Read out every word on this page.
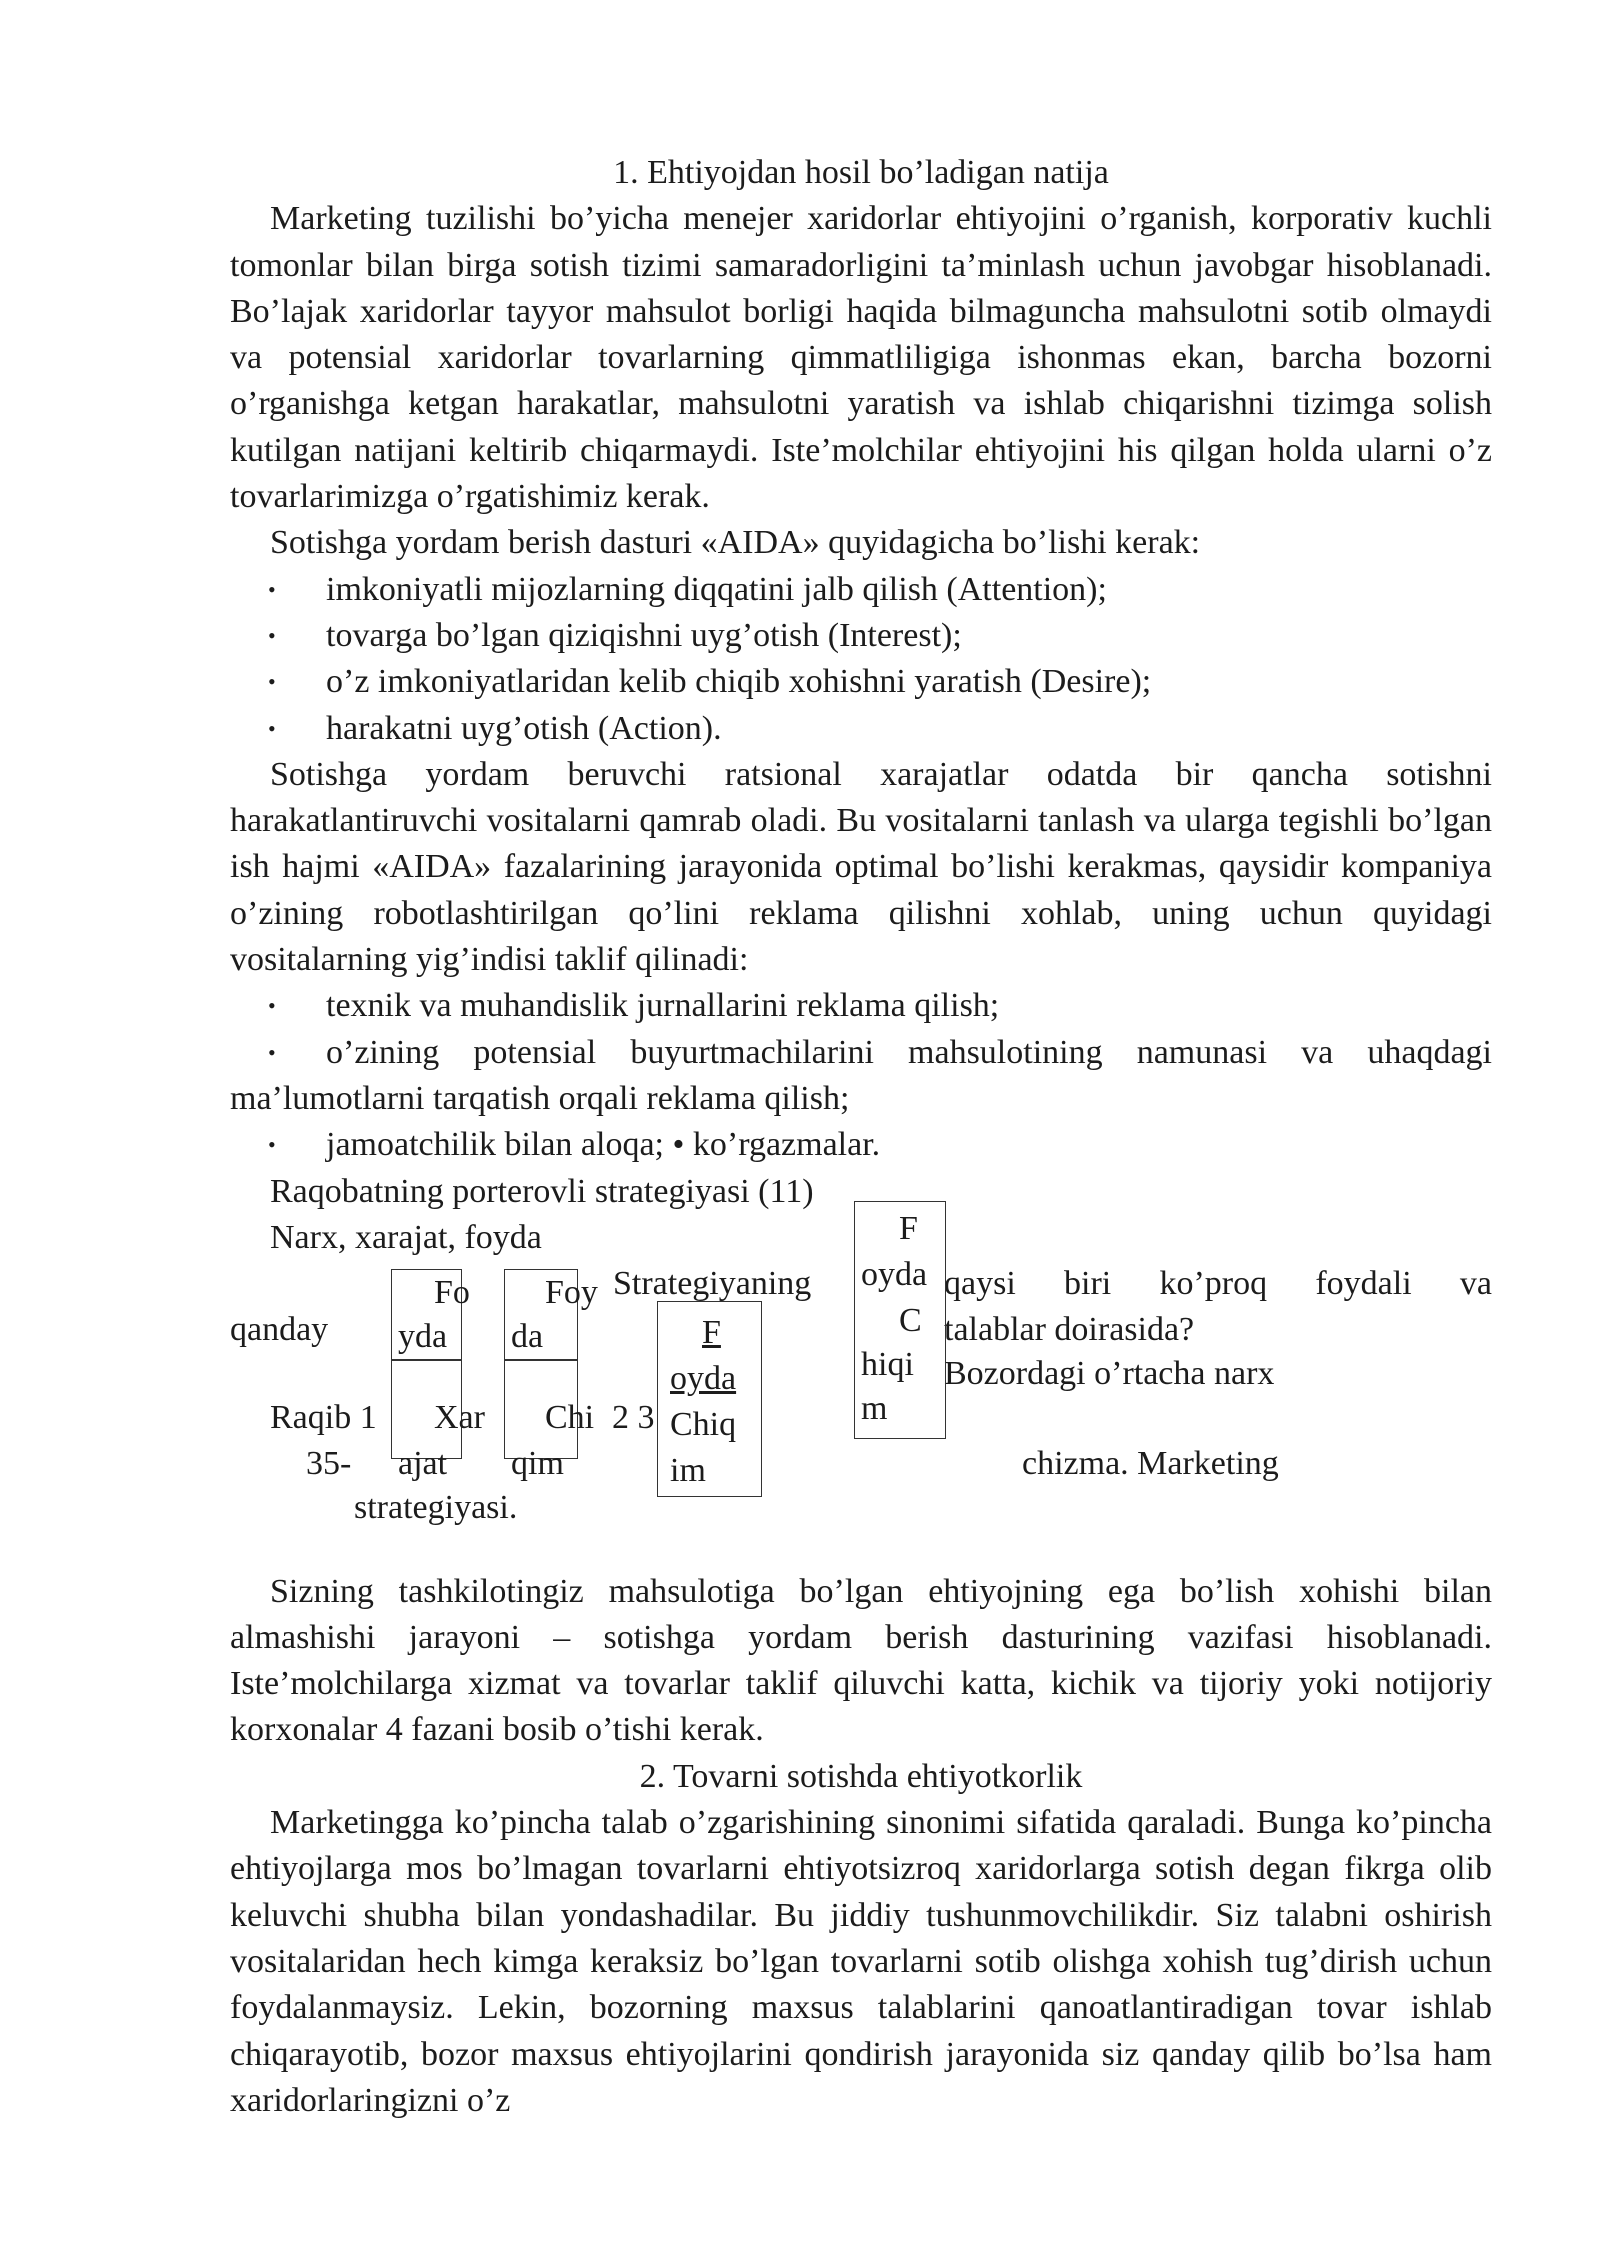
1. Ehtiyojdan hosil bo’ladigan natija

Marketing tuzilishi bo’yicha menejer xaridorlar ehtiyojini o’rganish, korporativ kuchli tomonlar bilan birga sotish tizimi samaradorligini ta’minlash uchun javobgar hisoblanadi. Bo’lajak xaridorlar tayyor mahsulot borligi haqida bilmaguncha mahsulotni sotib olmaydi va potensial xaridorlar tovarlarning qimmatliligiga ishonmas ekan, barcha bozorni o’rganishga ketgan harakatlar, mahsulotni yaratish va ishlab chiqarishni tizimga solish kutilgan natijani keltirib chiqarmaydi. Iste’molchilar ehtiyojini his qilgan holda ularni o’z tovarlarimizga o’rgatishimiz kerak.

Sotishga yordam berish dasturi «AIDA» quyidagicha bo’lishi kerak:

• imkoniyatli mijozlarning diqqatini jalb qilish (Attention);

• tovarga bo’lgan qiziqishni uyg’otish (Interest);

• o’z imkoniyatlaridan kelib chiqib xohishni yaratish (Desire);

• harakatni uyg’otish (Action).

Sotishga yordam beruvchi ratsional xarajatlar odatda bir qancha sotishni harakatlantiruvchi vositalarni qamrab oladi. Bu vositalarni tanlash va ularga tegishli bo’lgan ish hajmi «AIDA» fazalarining jarayonida optimal bo’lishi kerakmas, qaysidir kompaniya o’zining robotlashtirilgan qo’lini reklama qilishni xohlab, uning uchun quyidagi vositalarning yig’indisi taklif qilinadi:

• texnik va muhandislik jurnallarini reklama qilish;

• o’zining potensial buyurtmachilarini mahsulotining namunasi va uhaqdagi ma’lumotlarni tarqatish orqali reklama qilish;

• jamoatchilik bilan aloqa; • ko’rgazmalar.

Raqobatning porterovli strategiyasi (11)
Narx, xarajat, foyda
Strategiyaning	qaysi biri ko’proq foydali va
qanday	talablar doirasida?
Bozordagi o’rtacha narx
Raqib 1	2 3
35-	chizma. Marketing
strategiyasi.
Fo
yda
Xar
ajat
Foy
da
Chi
qim
F
oyda
Chiq
im
F
oyda
C
hiqi
m

Sizning tashkilotingiz mahsulotiga bo’lgan ehtiyojning ega bo’lish xohishi bilan almashishi jarayoni – sotishga yordam berish dasturining vazifasi hisoblanadi. Iste’molchilarga xizmat va tovarlar taklif qiluvchi katta, kichik va tijoriy yoki notijoriy korxonalar 4 fazani bosib o’tishi kerak.

2. Tovarni sotishda ehtiyotkorlik

Marketingga ko’pincha talab o’zgarishining sinonimi sifatida qaraladi. Bunga ko’pincha ehtiyojlarga mos bo’lmagan tovarlarni ehtiyotsizroq xaridorlarga sotish degan fikrga olib keluvchi shubha bilan yondashadilar. Bu jiddiy tushunmovchilikdir. Siz talabni oshirish vositalaridan hech kimga keraksiz bo’lgan tovarlarni sotib olishga xohish tug’dirish uchun foydalanmaysiz. Lekin, bozorning maxsus talablarini qanoatlantiradigan tovar ishlab chiqarayotib, bozor maxsus ehtiyojlarini qondirish jarayonida siz qanday qilib bo’lsa ham xaridorlaringizni o’z
